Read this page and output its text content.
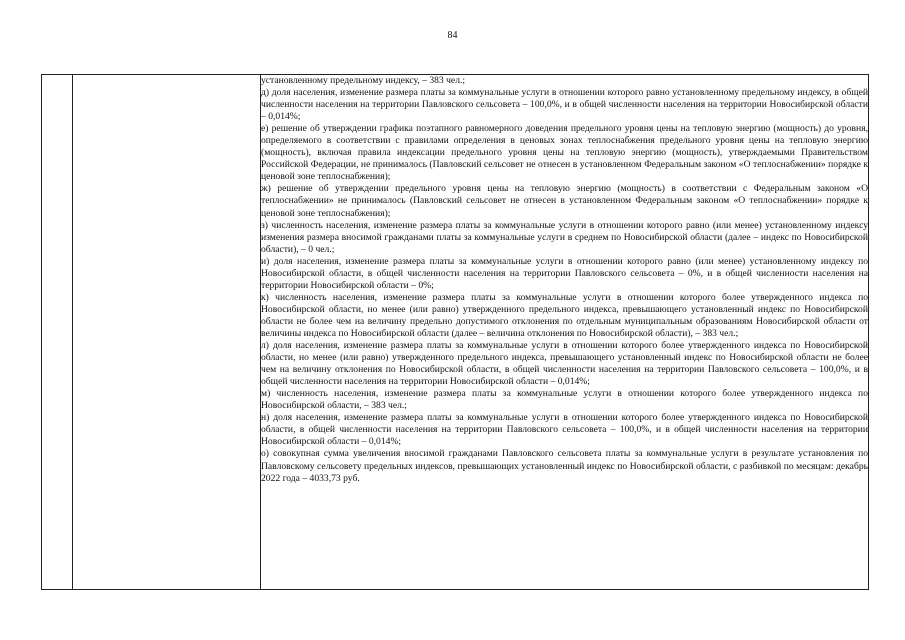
84

установленному предельному индексу, – 383 чел.;

д) доля населения, изменение размера платы за коммунальные услуги в отношении которого равно установленному предельному индексу, в общей численности населения на территории Павловского сельсовета – 100,0%, и в общей численности населения на территории Новосибирской области – 0,014%;

е) решение об утверждении графика поэтапного равномерного доведения предельного уровня цены на тепловую энергию (мощность) до уровня, определяемого в соответствии с правилами определения в ценовых зонах теплоснабжения предельного уровня цены на тепловую энергию (мощность), включая правила индексации предельного уровня цены на тепловую энергию (мощность), утверждаемыми Правительством Российской Федерации, не принималось (Павловский сельсовет не отнесен в установленном Федеральным законом «О теплоснабжении» порядке к ценовой зоне теплоснабжения);

ж) решение об утверждении предельного уровня цены на тепловую энергию (мощность) в соответствии с Федеральным законом «О теплоснабжении» не принималось (Павловский сельсовет не отнесен в установленном Федеральным законом «О теплоснабжении» порядке к ценовой зоне теплоснабжения);

з) численность населения, изменение размера платы за коммунальные услуги в отношении которого равно (или менее) установленному индексу изменения размера вносимой гражданами платы за коммунальные услуги в среднем по Новосибирской области (далее – индекс по Новосибирской области), – 0 чел.;

и) доля населения, изменение размера платы за коммунальные услуги в отношении которого равно (или менее) установленному индексу по Новосибирской области, в общей численности населения на территории Павловского сельсовета – 0%, и в общей численности населения на территории Новосибирской области – 0%;

к) численность населения, изменение размера платы за коммунальные услуги в отношении которого более утвержденного индекса по Новосибирской области, но менее (или равно) утвержденного предельного индекса, превышающего установленный индекс по Новосибирской области не более чем на величину предельно допустимого отклонения по отдельным муниципальным образованиям Новосибирской области от величины индекса по Новосибирской области (далее – величина отклонения по Новосибирской области), – 383 чел.;

л) доля населения, изменение размера платы за коммунальные услуги в отношении которого более утвержденного индекса по Новосибирской области, но менее (или равно) утвержденного предельного индекса, превышающего установленный индекс по Новосибирской области не более чем на величину отклонения по Новосибирской области, в общей численности населения на территории Павловского сельсовета – 100,0%, и в общей численности населения на территории Новосибирской области – 0,014%;

м) численность населения, изменение размера платы за коммунальные услуги в отношении которого более утвержденного индекса по Новосибирской области, – 383 чел.;

н) доля населения, изменение размера платы за коммунальные услуги в отношении которого более утвержденного индекса по Новосибирской области, в общей численности населения на территории Павловского сельсовета – 100,0%, и в общей численности населения на территории Новосибирской области – 0,014%;

о) совокупная сумма увеличения вносимой гражданами Павловского сельсовета платы за коммунальные услуги в результате установления по Павловскому сельсовету предельных индексов, превышающих установленный индекс по Новосибирской области, с разбивкой по месяцам: декабрь 2022 года – 4033,73 руб.
